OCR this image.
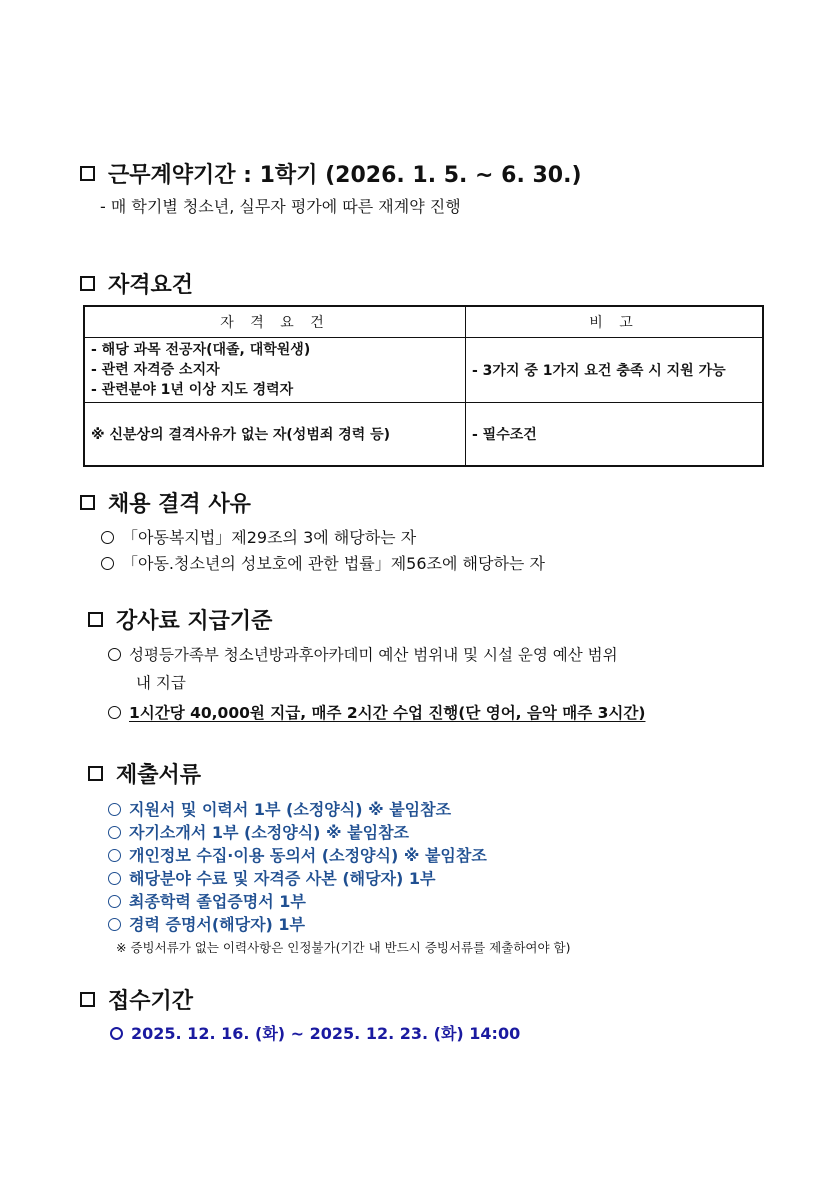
근무계약기간 : 1학기 (2026. 1. 5. ~ 6. 30.)
- 매 학기별 청소년, 실무자 평가에 따른 재계약 진행
자격요건
자 격 요 건	비 고

- 해당 과목 전공자(대졸, 대학원생)
- 관련 자격증 소지자
- 관련분야 1년 이상 지도 경력자	- 3가지 중 1가지 요건 충족 시 지원 가능
※ 신분상의 결격사유가 없는 자(성범죄 경력 등)	- 필수조건
채용 결격 사유
「아동복지법」제29조의 3에 해당하는 자
「아동.청소년의 성보호에 관한 법률」제56조에 해당하는 자
강사료 지급기준
성평등가족부 청소년방과후아카데미 예산 범위내 및 시설 운영 예산 범위
내 지급
1시간당 40,000원 지급, 매주 2시간 수업 진행(단 영어, 음악 매주 3시간)
제출서류
지원서 및 이력서 1부 (소정양식) ※ 붙임참조
자기소개서 1부 (소정양식) ※ 붙임참조
개인정보 수집·이용 동의서 (소정양식) ※ 붙임참조
해당분야 수료 및 자격증 사본 (해당자) 1부
최종학력 졸업증명서 1부
경력 증명서(해당자) 1부
※ 증빙서류가 없는 이력사항은 인정불가(기간 내 반드시 증빙서류를 제출하여야 함)
접수기간
2025. 12. 16. (화) ~ 2025. 12. 23. (화) 14:00
